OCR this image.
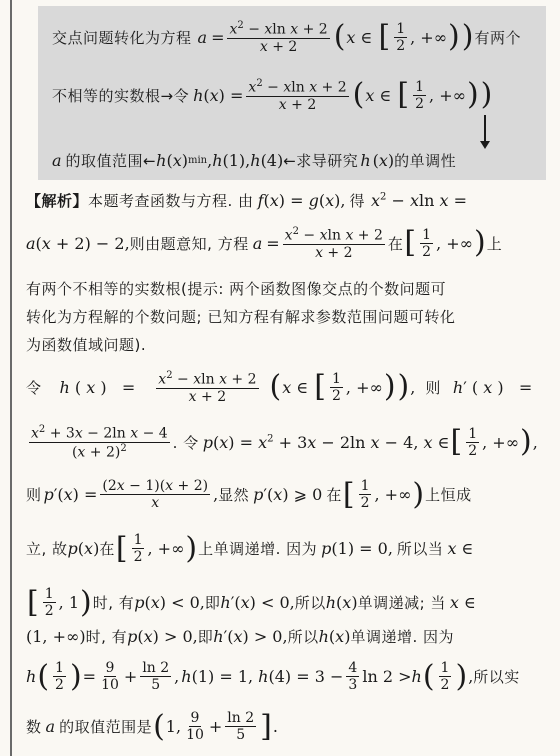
交点问题转化为方程 $a = \frac{x^2 - xln x + 2}{x + 2}$ ( x ∈ [ $\frac{1}{2}$ , +∞ ) ) 有两个
不相等的实数根→令 h ( x ) = $\frac{x^2 - xln x + 2}{x + 2}$ ( x ∈ [ $\frac{1}{2}$ , +∞ ) )
a 的取值范围← h ( x ) min , h (1), h (4) ←求导研究 h ( x ) 的单调性
【解析】 本题考查函数与方程. 由 f(x) = g(x), 得 $x^2 - xln$ x =
a(x + 2) − 2, 则由题意知, 方程 $a = \frac{x^2 - xln x + 2}{x + 2}$ 在 [ $\frac{1}{2}$ , +∞ ) 上
有两个不相等的实数根(提示: 两个函数图像交点的个数问题可
转化为方程解的个数问题; 已知方程有解求参数范围问题可转化
为函数值域问题).
令 h ( x )   = $\frac{x^2 - xln x + 2}{x + 2}$ ( x ∈ [ $\frac{1}{2}$ , +∞ ) ) , 则 h′ ( x )   =
$\frac{x^2 + 3x - 2\ln x - 4}{(x + 2)^2}$ . 令 $p(x) = x^2 + 3x - 2\ln$ x − 4, x ∈ [ $\frac{1}{2}$ , +∞ ) ,
则 $p'(x) = \frac{(2x - 1)(x + 2)}{x}$ , 显然 p′(x) ⩾ 0 在 [ $\frac{1}{2}$ , +∞ ) 上恒成
立, 故 p(x) 在 [ $\frac{1}{2}$ , +∞ ) 上单调递增. 因为 p(1) = 0, 所以当 x ∈
[ $\frac{1}{2}$ , 1 ) 时, 有 p(x) < 0, 即 h′(x) < 0, 所以 h(x) 单调递减; 当 x ∈
(1, +∞) 时, 有 p(x) > 0, 即 h′(x) > 0, 所以 h(x) 单调递增. 因为
h ( $\frac{1}{2}$ ) = $\frac{9}{10} + \frac{\ln 2}{5}$ , h(1) = 1, $h(4) = 3 - \frac{4}{3}$ ln 2 > h ( $\frac{1}{2}$ ) , 所以实
数 a 的取值范围是 ( 1, $\frac{9}{10} + \frac{\ln 2}{5}$ ] .
